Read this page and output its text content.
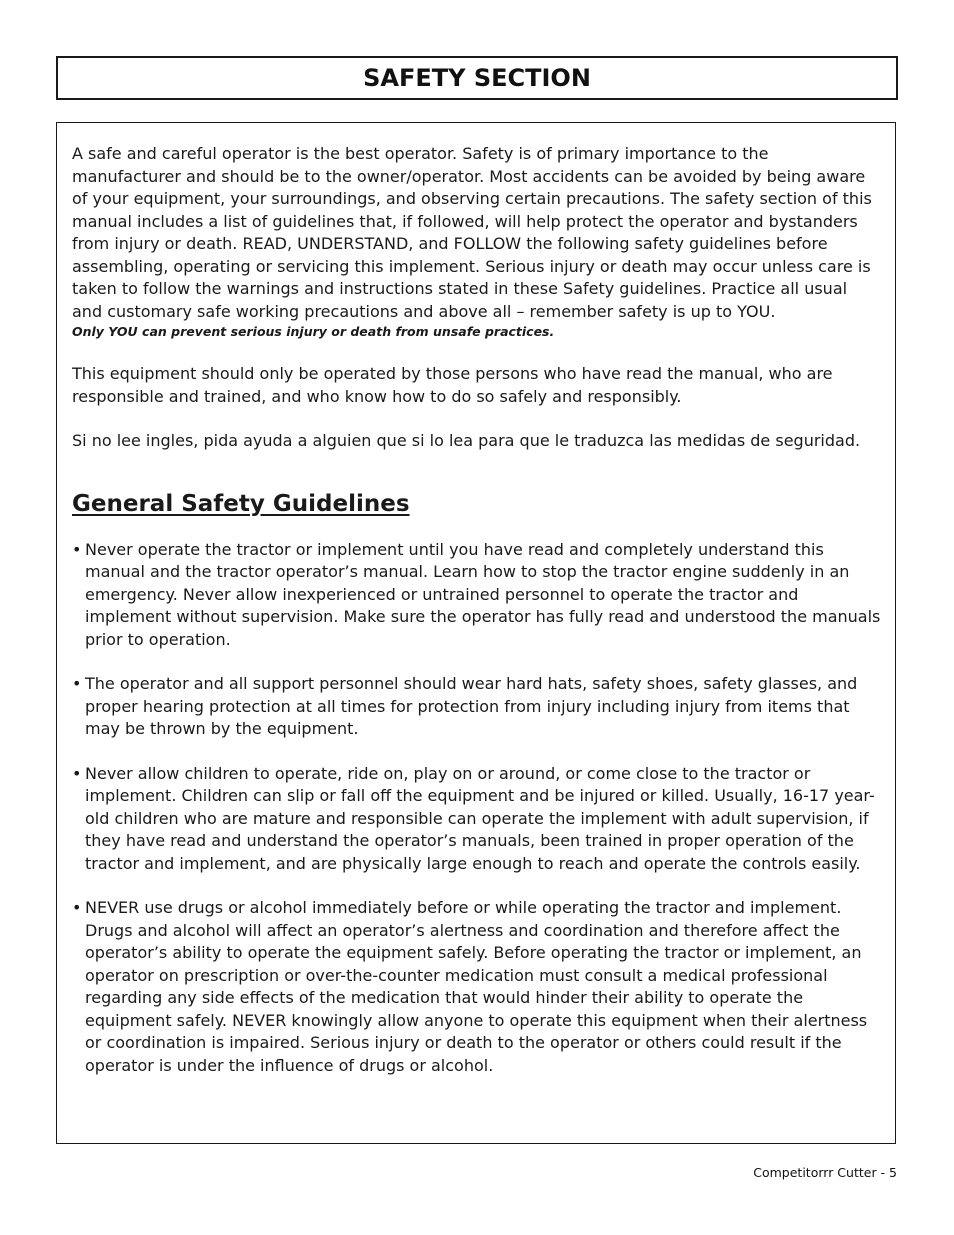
SAFETY SECTION

A safe and careful operator is the best operator. Safety is of primary importance to the manufacturer and should be to the owner/operator. Most accidents can be avoided by being aware of your equipment, your surroundings, and observing certain precautions. The safety section of this manual includes a list of guidelines that, if followed, will help protect the operator and bystanders from injury or death. READ, UNDERSTAND, and FOLLOW the following safety guidelines before assembling, operating or servicing this implement. Serious injury or death may occur unless care is taken to follow the warnings and instructions stated in these Safety guidelines. Practice all usual and customary safe working precautions and above all – remember safety is up to YOU.

Only YOU can prevent serious injury or death from unsafe practices.

This equipment should only be operated by those persons who have read the manual, who are responsible and trained, and who know how to do so safely and responsibly.

Si no lee ingles, pida ayuda a alguien que si lo lea para que le traduzca las medidas de seguridad.

General Safety Guidelines
• Never operate the tractor or implement until you have read and completely understand this manual and the tractor operator’s manual. Learn how to stop the tractor engine suddenly in an emergency. Never allow inexperienced or untrained personnel to operate the tractor and implement without supervision. Make sure the operator has fully read and understood the manuals prior to operation.
• The operator and all support personnel should wear hard hats, safety shoes, safety glasses, and proper hearing protection at all times for protection from injury including injury from items that may be thrown by the equipment.
• Never allow children to operate, ride on, play on or around, or come close to the tractor or implement. Children can slip or fall off the equipment and be injured or killed. Usually, 16-17 year-old children who are mature and responsible can operate the implement with adult supervision, if they have read and understand the operator’s manuals, been trained in proper operation of the tractor and implement, and are physically large enough to reach and operate the controls easily.
• NEVER use drugs or alcohol immediately before or while operating the tractor and implement. Drugs and alcohol will affect an operator’s alertness and coordination and therefore affect the operator’s ability to operate the equipment safely. Before operating the tractor or implement, an operator on prescription or over-the-counter medication must consult a medical professional regarding any side effects of the medication that would hinder their ability to operate the equipment safely. NEVER knowingly allow anyone to operate this equipment when their alertness or coordination is impaired. Serious injury or death to the operator or others could result if the operator is under the influence of drugs or alcohol.
Competitorrr Cutter - 5
